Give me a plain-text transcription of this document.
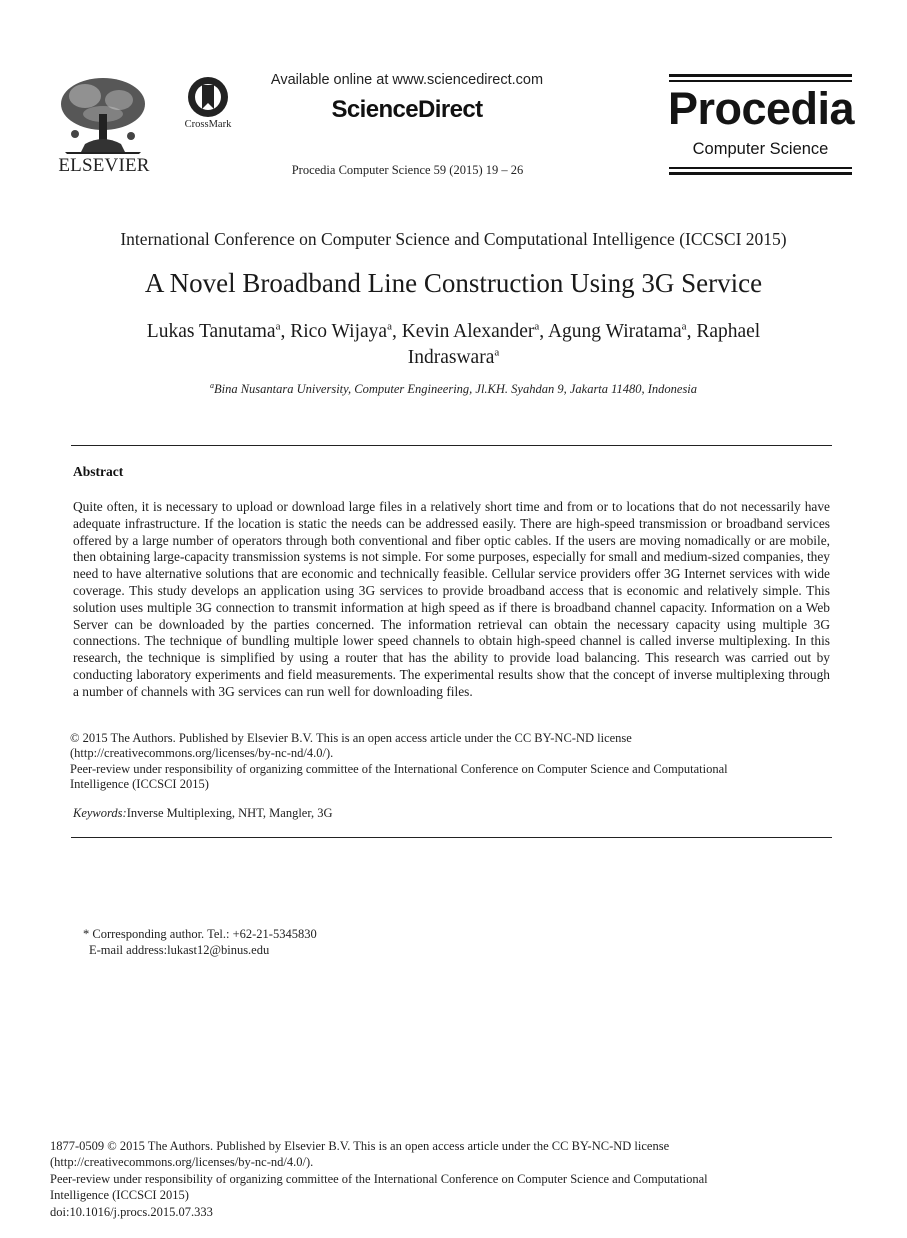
ELSEVIER
CrossMark
Available online at www.sciencedirect.com
ScienceDirect
Procedia Computer Science 59 (2015) 19 – 26
Procedia
Computer Science
International Conference on Computer Science and Computational Intelligence (ICCSCI 2015)
A Novel Broadband Line Construction Using 3G Service
Lukas Tanutama$^a$, Rico Wijaya$^a$, Kevin Alexander$^a$, Agung Wiratama$^a$, Raphael Indraswara$^a$
$^a$Bina Nusantara University, Computer Engineering, Jl.KH. Syahdan 9, Jakarta 11480, Indonesia
Abstract
Quite often, it is necessary to upload or download large files in a relatively short time and from or to locations that do not necessarily have adequate infrastructure. If the location is static the needs can be addressed easily. There are high-speed transmission or broadband services offered by a large number of operators through both conventional and fiber optic cables. If the users are moving nomadically or are mobile, then obtaining large-capacity transmission systems is not simple. For some purposes, especially for small and medium-sized companies, they need to have alternative solutions that are economic and technically feasible. Cellular service providers offer 3G Internet services with wide coverage. This study develops an application using 3G services to provide broadband access that is economic and relatively simple. This solution uses multiple 3G connection to transmit information at high speed as if there is broadband channel capacity. Information on a Web Server can be downloaded by the parties concerned. The information retrieval can obtain the necessary capacity using multiple 3G connections. The technique of bundling multiple lower speed channels to obtain high-speed channel is called inverse multiplexing. In this research, the technique is simplified by using a router that has the ability to provide load balancing. This research was carried out by conducting laboratory experiments and field measurements. The experimental results show that the concept of inverse multiplexing through a number of channels with 3G services can run well for downloading files.
© 2015 The Authors. Published by Elsevier B.V. This is an open access article under the CC BY-NC-ND license
(http://creativecommons.org/licenses/by-nc-nd/4.0/).
Peer-review under responsibility of organizing committee of the International Conference on Computer Science and Computational
Intelligence (ICCSCI 2015)
Keywords:Inverse Multiplexing, NHT, Mangler, 3G
* Corresponding author. Tel.: +62-21-5345830
E-mail address:lukast12@binus.edu
1877-0509 © 2015 The Authors. Published by Elsevier B.V. This is an open access article under the CC BY-NC-ND license
(http://creativecommons.org/licenses/by-nc-nd/4.0/).
Peer-review under responsibility of organizing committee of the International Conference on Computer Science and Computational
Intelligence (ICCSCI 2015)
doi:10.1016/j.procs.2015.07.333
